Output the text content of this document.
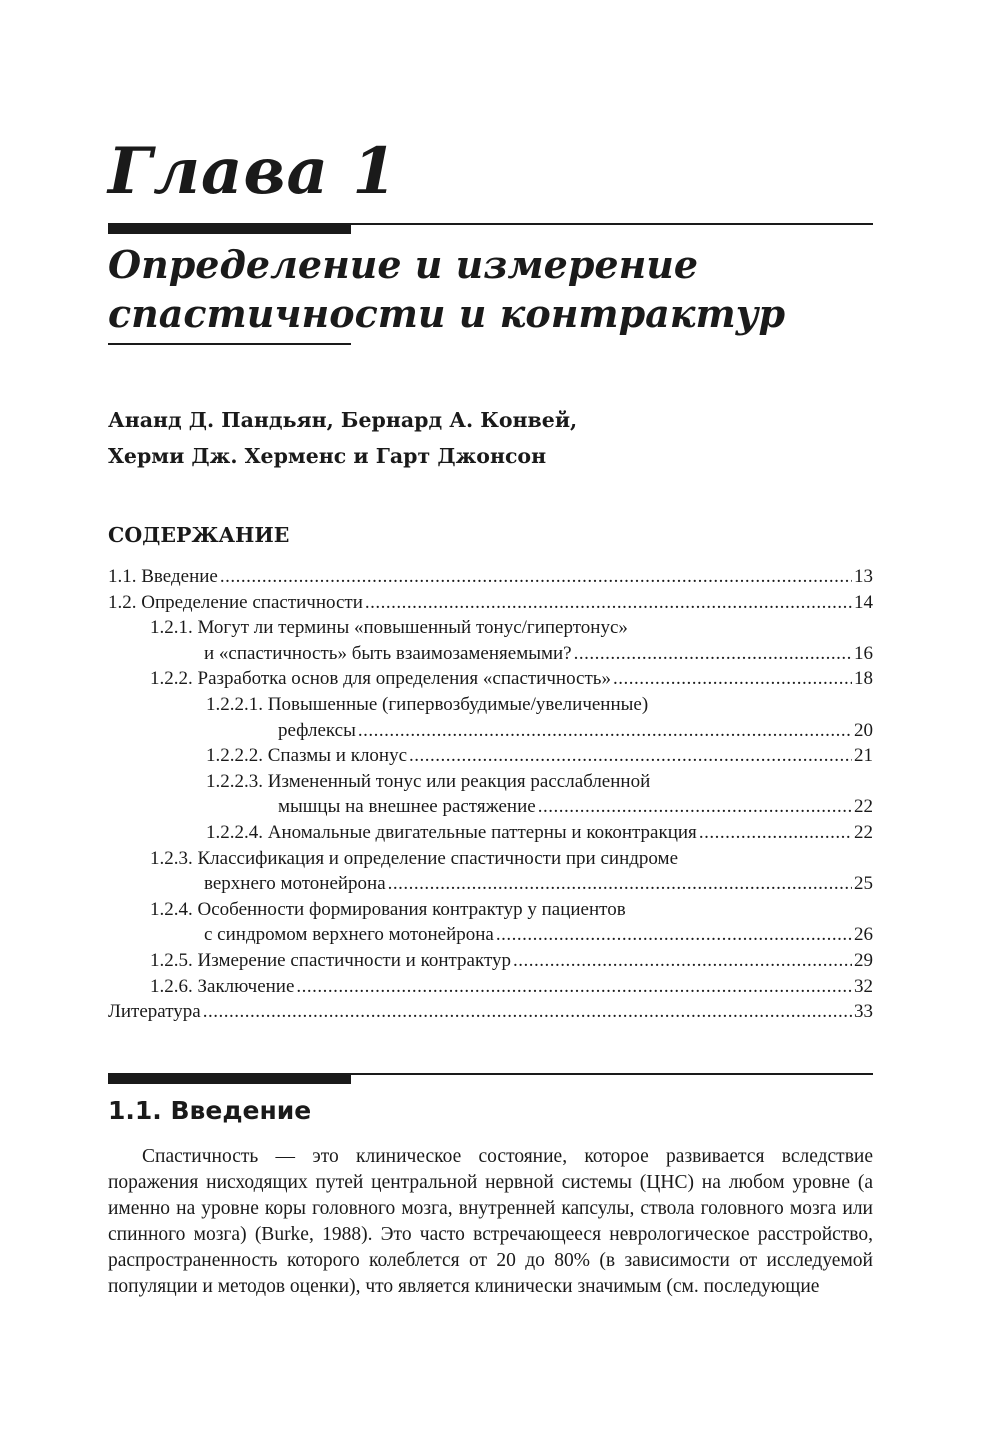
Глава 1
Определение и измерение
спастичности и контрактур
Ананд Д. Пандьян, Бернард А. Конвей,
Херми Дж. Херменс и Гарт Джонсон
СОДЕРЖАНИЕ
1.1. Введение .....	13
1.2. Определение спастичности .....	14
1.2.1. Могут ли термины «повышенный тонус/гипертонус»
и «спастичность» быть взаимозаменяемыми? .....	16
1.2.2. Разработка основ для определения «спастичность» .....	18
1.2.2.1. Повышенные (гипервозбудимые/увеличенные)
рефлексы .....	20
1.2.2.2. Спазмы и клонус .....	21
1.2.2.3. Измененный тонус или реакция расслабленной
мышцы на внешнее растяжение .....	22
1.2.2.4. Аномальные двигательные паттерны и коконтракция .....	22
1.2.3. Классификация и определение спастичности при синдроме
верхнего мотонейрона .....	25
1.2.4. Особенности формирования контрактур у пациентов
с синдромом верхнего мотонейрона .....	26
1.2.5. Измерение спастичности и контрактур .....	29
1.2.6. Заключение .....	32
Литература .....	33
1.1. Введение

Спастичность — это клиническое состояние, которое развивается вследствие поражения нисходящих путей центральной нервной системы (ЦНС) на любом уровне (а именно на уровне коры головного мозга, внутренней капсулы, ствола головного мозга или спинного мозга) (Burke, 1988). Это часто встречающееся неврологическое расстройство, распространенность которого колеблется от 20 до 80% (в зависимости от исследуемой популяции и методов оценки), что является клинически значимым (см. последующие
